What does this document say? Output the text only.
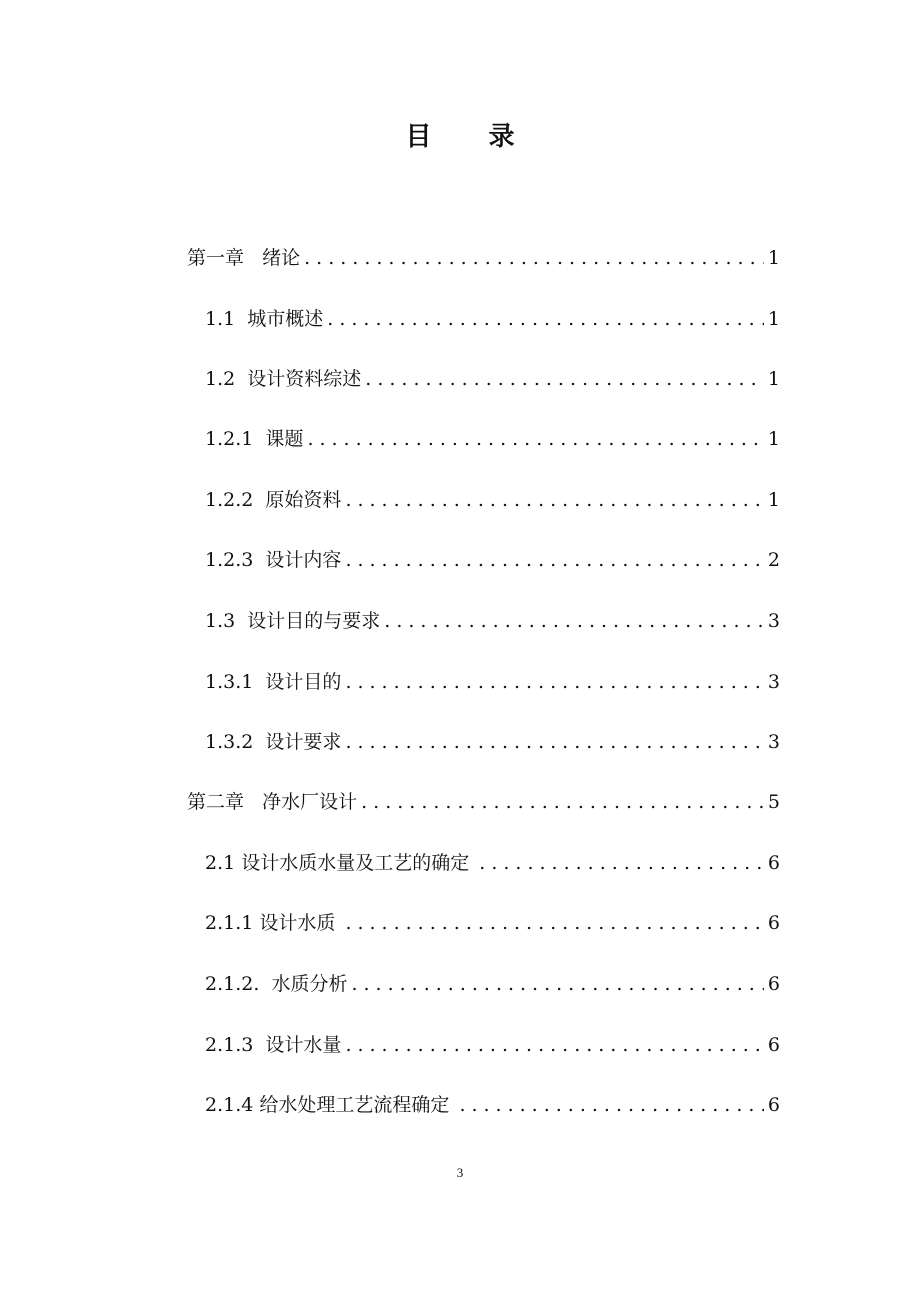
目 录
第一章   绪论 .....	1
1.1  城市概述 .....	1
1.2  设计资料综述 .....	1
1.2.1  课题 .....	1
1.2.2  原始资料 .....	1
1.2.3  设计内容 .....	2
1.3  设计目的与要求 .....	3
1.3.1  设计目的 .....	3
1.3.2  设计要求 .....	3
第二章   净水厂设计 .....	5
2.1 设计水质水量及工艺的确定 .....	6
2.1.1 设计水质 .....	6
2.1.2.  水质分析 .....	6
2.1.3  设计水量 .....	6
2.1.4 给水处理工艺流程确定 .....	6
3
